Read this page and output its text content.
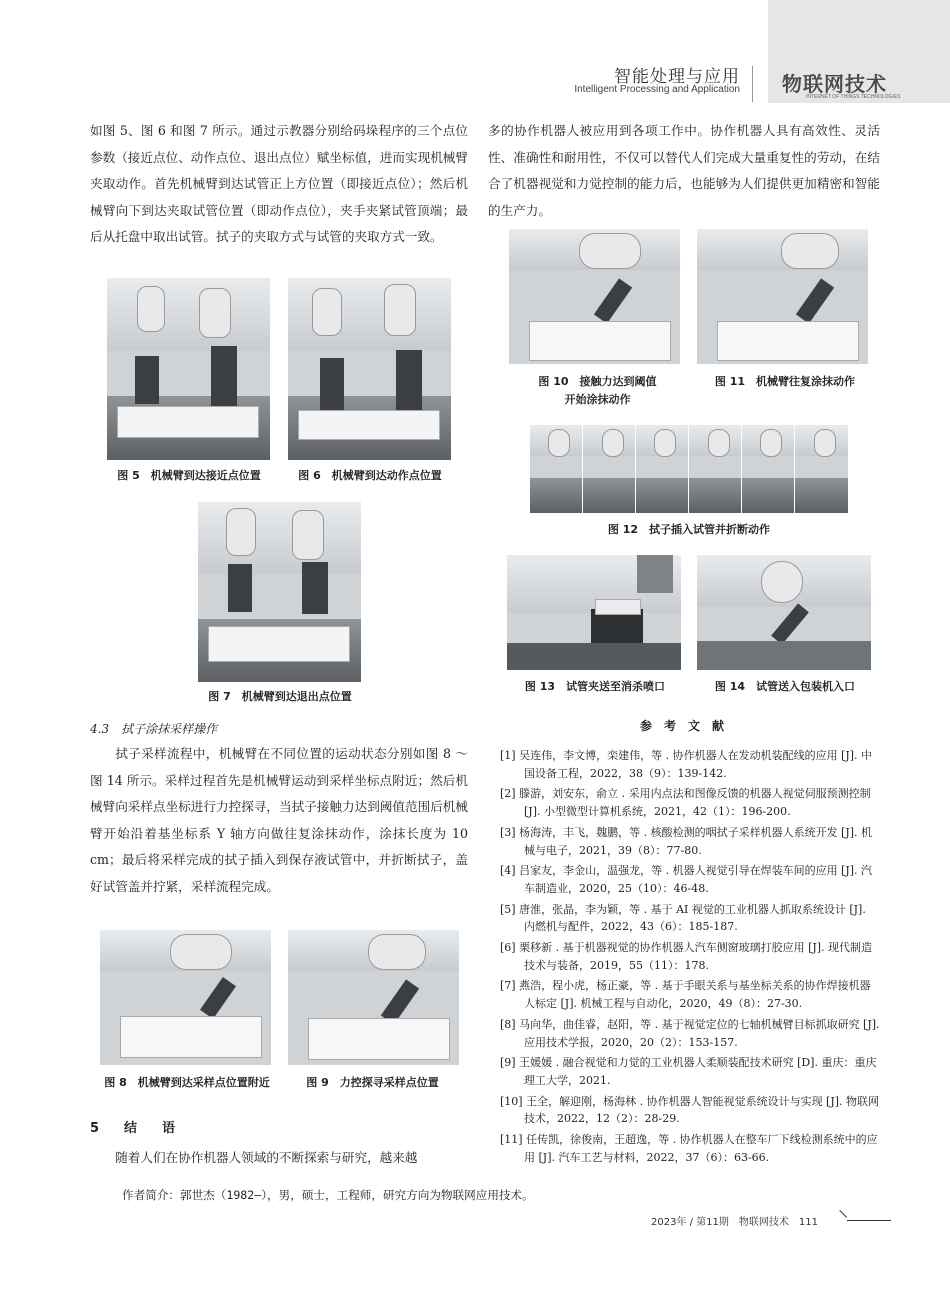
智能处理与应用
Intelligent Processing and Application 物联网技术
INTERNET OF THINGS TECHNOLOGIES

如图 5、图 6 和图 7 所示。通过示教器分别给码垛程序的三个点位参数（接近点位、动作点位、退出点位）赋坐标值，进而实现机械臂夹取动作。首先机械臂到达试管正上方位置（即接近点位）；然后机械臂向下到达夹取试管位置（即动作点位），夹手夹紧试管顶端；最后从托盘中取出试管。拭子的夹取方式与试管的夹取方式一致。

图 5　机械臂到达接近点位置	图 6　机械臂到达动作点位置
图 7　机械臂到达退出点位置
4.3　拭子涂抹采样操作

拭子采样流程中，机械臂在不同位置的运动状态分别如图 8 ～图 14 所示。采样过程首先是机械臂运动到采样坐标点附近；然后机械臂向采样点坐标进行力控探寻，当拭子接触力达到阈值范围后机械臂开始沿着基坐标系 Y 轴方向做往复涂抹动作，涂抹长度为 10 cm；最后将采样完成的拭子插入到保存液试管中，并折断拭子，盖好试管盖并拧紧，采样流程完成。

图 8　机械臂到达采样点位置附近	图 9　力控探寻采样点位置
5　结　语

随着人们在协作机器人领域的不断探索与研究，越来越

多的协作机器人被应用到各项工作中。协作机器人具有高效性、灵活性、准确性和耐用性，不仅可以替代人们完成大量重复性的劳动，在结合了机器视觉和力觉控制的能力后，也能够为人们提供更加精密和智能的生产力。

图 10　接触力达到阈值
开始涂抹动作
图 11　机械臂往复涂抹动作
图 12　拭子插入试管并折断动作
图 13　试管夹送至消杀喷口	图 14　试管送入包装机入口
参考文献

[1] 吴连伟，李文博，栾建伟，等 . 协作机器人在发动机装配线的应用 [J]. 中国设备工程，2022，38（9）：139-142.

[2] 滕游，刘安东，俞立 . 采用内点法和图像反馈的机器人视觉伺服预测控制 [J]. 小型微型计算机系统，2021，42（1）：196-200.

[3] 杨海涛，丰飞，魏鹏，等 . 核酸检测的咽拭子采样机器人系统开发 [J]. 机械与电子，2021，39（8）：77-80.

[4] 吕家友，李金山，温强龙，等 . 机器人视觉引导在焊装车间的应用 [J]. 汽车制造业，2020，25（10）：46-48.

[5] 唐淮，张晶，李为颖，等 . 基于 AI 视觉的工业机器人抓取系统设计 [J]. 内燃机与配件，2022，43（6）：185-187.

[6] 栗移新 . 基于机器视觉的协作机器人汽车侧窗玻璃打胶应用 [J]. 现代制造技术与装备，2019，55（11）：178.

[7] 燕浩，程小虎，杨正豪，等 . 基于手眼关系与基坐标关系的协作焊接机器人标定 [J]. 机械工程与自动化，2020，49（8）：27-30.

[8] 马向华，曲佳睿，赵阳，等 . 基于视觉定位的七轴机械臂目标抓取研究 [J]. 应用技术学报，2020，20（2）：153-157.

[9] 王媛媛 . 融合视觉和力觉的工业机器人柔顺装配技术研究 [D]. 重庆：重庆理工大学，2021.

[10] 王全，解迎刚，杨海林 . 协作机器人智能视觉系统设计与实现 [J]. 物联网技术，2022，12（2）：28-29.

[11] 任传凯，徐俊南，王超逸，等 . 协作机器人在整车厂下线检测系统中的应用 [J]. 汽车工艺与材料，2022，37（6）：63-66.

作者简介：郭世杰（1982—），男，硕士，工程师，研究方向为物联网应用技术。
2023年 / 第11期　物联网技术　111
